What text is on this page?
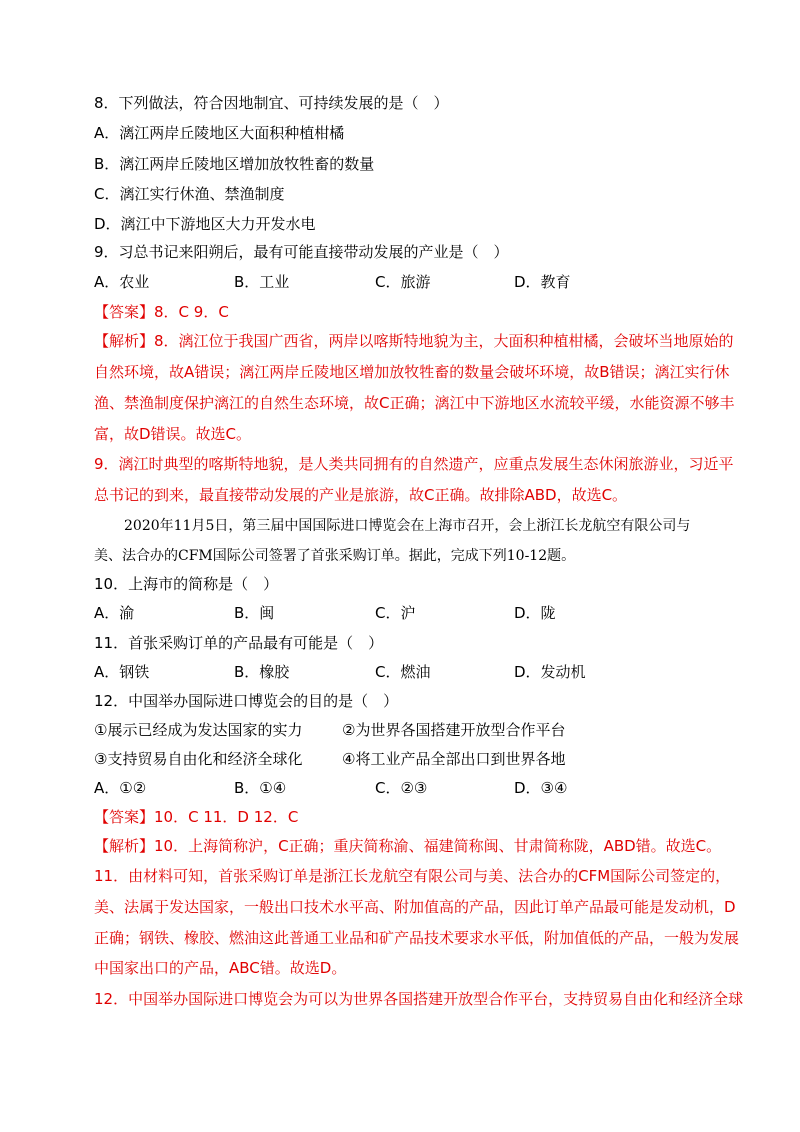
8．下列做法，符合因地制宜、可持续发展的是（　）
A．漓江两岸丘陵地区大面积种植柑橘
B．漓江两岸丘陵地区增加放牧牲畜的数量
C．漓江实行休渔、禁渔制度
D．漓江中下游地区大力开发水电
9．习总书记来阳朔后，最有可能直接带动发展的产业是（　）
A．农业	B．工业	C．旅游	D．教育
【答案】8．C 9．C
【解析】8．漓江位于我国广西省，两岸以喀斯特地貌为主，大面积种植柑橘，会破坏当地原始的
自然环境，故A错误；漓江两岸丘陵地区增加放牧牲畜的数量会破坏环境，故B错误；漓江实行休
渔、禁渔制度保护漓江的自然生态环境，故C正确；漓江中下游地区水流较平缓，水能资源不够丰
富，故D错误。故选C。
9．漓江时典型的喀斯特地貌，是人类共同拥有的自然遗产，应重点发展生态休闲旅游业，习近平
总书记的到来，最直接带动发展的产业是旅游，故C正确。故排除ABD，故选C。
2020年11月5日，第三届中国国际进口博览会在上海市召开，会上浙江长龙航空有限公司与
美、法合办的CFM国际公司签署了首张采购订单。据此，完成下列10-12题。
10．上海市的简称是（　）
A．渝	B．闽	C．沪	D．陇
11．首张采购订单的产品最有可能是（　）
A．钢铁	B．橡胶	C．燃油	D．发动机
12．中国举办国际进口博览会的目的是（　）
①展示已经成为发达国家的实力	②为世界各国搭建开放型合作平台
③支持贸易自由化和经济全球化	④将工业产品全部出口到世界各地
A．①②	B．①④	C．②③	D．③④
【答案】10．C 11．D 12．C
【解析】10．上海简称沪，C正确；重庆简称渝、福建简称闽、甘肃简称陇，ABD错。故选C。
11．由材料可知，首张采购订单是浙江长龙航空有限公司与美、法合办的CFM国际公司签定的，
美、法属于发达国家，一般出口技术水平高、附加值高的产品，因此订单产品最可能是发动机，D
正确；钢铁、橡胶、燃油这此普通工业品和矿产品技术要求水平低，附加值低的产品，一般为发展
中国家出口的产品，ABC错。故选D。
12．中国举办国际进口博览会为可以为世界各国搭建开放型合作平台，支持贸易自由化和经济全球
